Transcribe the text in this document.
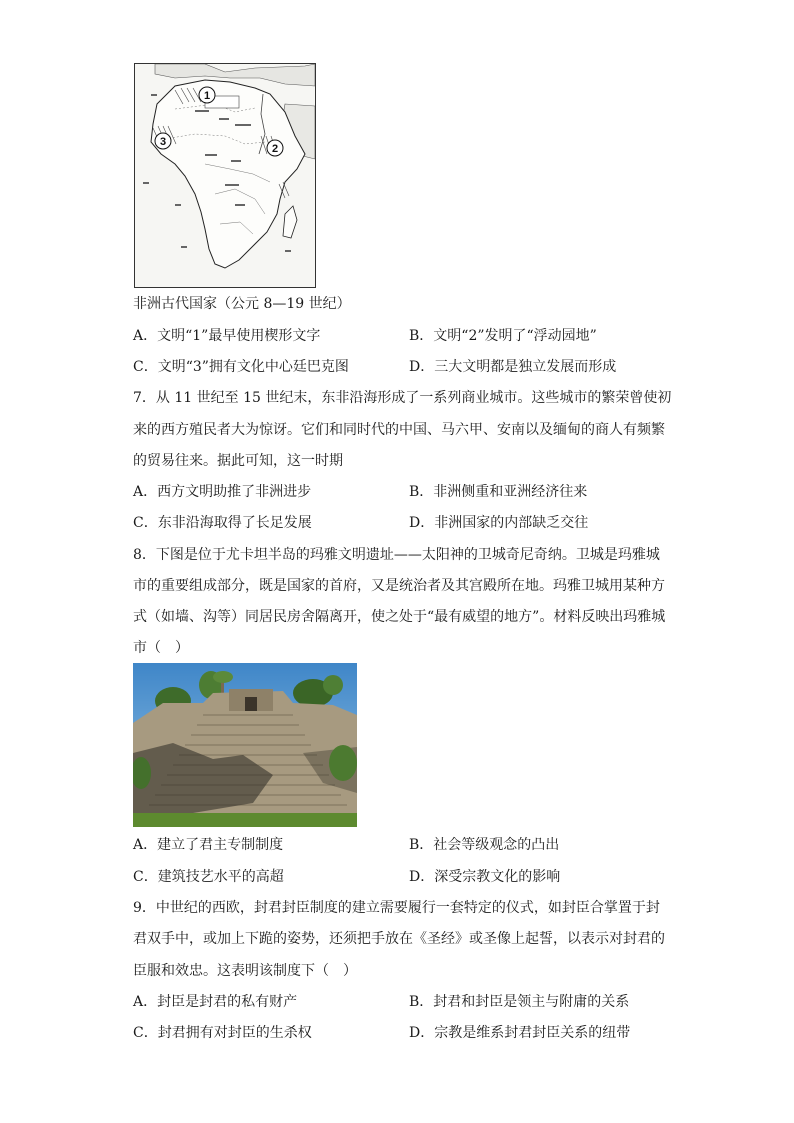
1
2
3
非洲古代国家（公元 8—19 世纪）
A．文明“1”最早使用楔形文字	B．文明“2”发明了“浮动园地”
C．文明“3”拥有文化中心廷巴克图	D．三大文明都是独立发展而形成
7．从 11 世纪至 15 世纪末，东非沿海形成了一系列商业城市。这些城市的繁荣曾使初
来的西方殖民者大为惊讶。它们和同时代的中国、马六甲、安南以及缅甸的商人有频繁
的贸易往来。据此可知，这一时期
A．西方文明助推了非洲进步	B．非洲侧重和亚洲经济往来
C．东非沿海取得了长足发展	D．非洲国家的内部缺乏交往
8．下图是位于尤卡坦半岛的玛雅文明遗址——太阳神的卫城奇尼奇纳。卫城是玛雅城
市的重要组成部分，既是国家的首府，又是统治者及其宫殿所在地。玛雅卫城用某种方
式（如墙、沟等）同居民房舍隔离开，使之处于“最有威望的地方”。材料反映出玛雅城
市（　）
A．建立了君主专制制度	B．社会等级观念的凸出
C．建筑技艺水平的高超	D．深受宗教文化的影响
9．中世纪的西欧，封君封臣制度的建立需要履行一套特定的仪式，如封臣合掌置于封
君双手中，或加上下跪的姿势，还须把手放在《圣经》或圣像上起誓，以表示对封君的
臣服和效忠。这表明该制度下（　）
A．封臣是封君的私有财产	B．封君和封臣是领主与附庸的关系
C．封君拥有对封臣的生杀权	D．宗教是维系封君封臣关系的纽带
